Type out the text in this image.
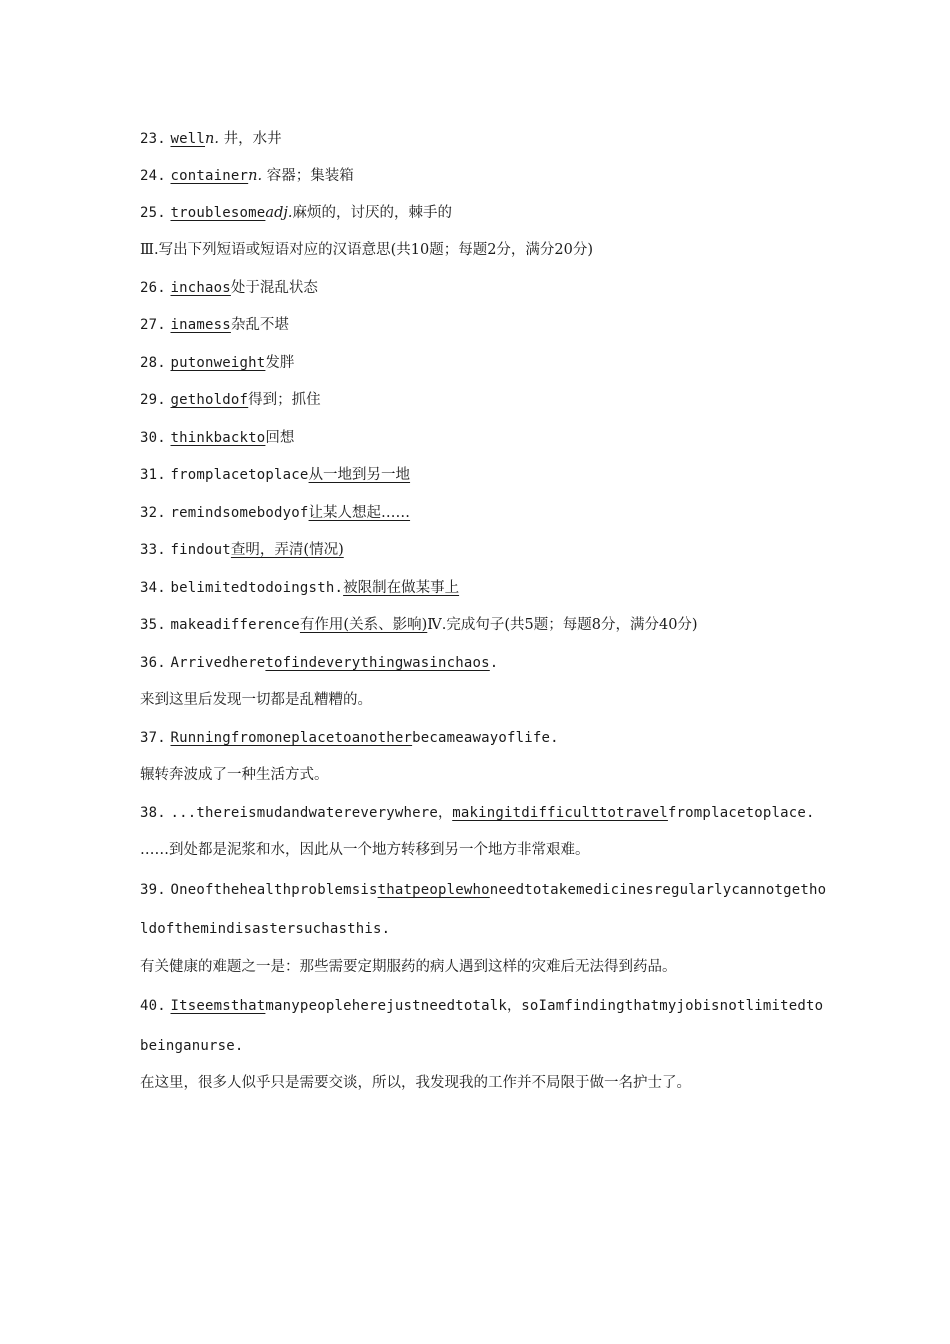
23. welln. 井，水井
24. containern. 容器；集装箱
25. troublesomeadj.麻烦的，讨厌的，棘手的
Ⅲ.写出下列短语或短语对应的汉语意思(共10题；每题2分，满分20分)
26. inchaos处于混乱状态
27. inamess杂乱不堪
28. putonweight发胖
29. getholdof得到；抓住
30. thinkbackto回想
31. fromplacetoplace从一地到另一地
32. remindsomebodyof让某人想起……
33. findout查明，弄清(情况)
34. belimitedtodoingsth.被限制在做某事上
35. makeadifference有作用(关系、影响)Ⅳ.完成句子(共5题；每题8分，满分40分)
36. Arrivedheretofindeverythingwasinchaos.
来到这里后发现一切都是乱糟糟的。
37. Runningfromoneplacetoanotherbecameawayoflife.
辗转奔波成了一种生活方式。
38. ...thereismudandwatereverywhere，makingitdifficulttotravelfromplacetoplace.
……到处都是泥浆和水，因此从一个地方转移到另一个地方非常艰难。
39. Oneofthehealthproblemsisthatpeoplewhoneedtotakemedicinesregularlycannotgetho
ldofthemindisastersuchasthis.
有关健康的难题之一是：那些需要定期服药的病人遇到这样的灾难后无法得到药品。
40. Itseemsthatmanypeopleherejustneedtotalk，soIamfindingthatmyjobisnotlimitedto
beinganurse.
在这里，很多人似乎只是需要交谈，所以，我发现我的工作并不局限于做一名护士了。
